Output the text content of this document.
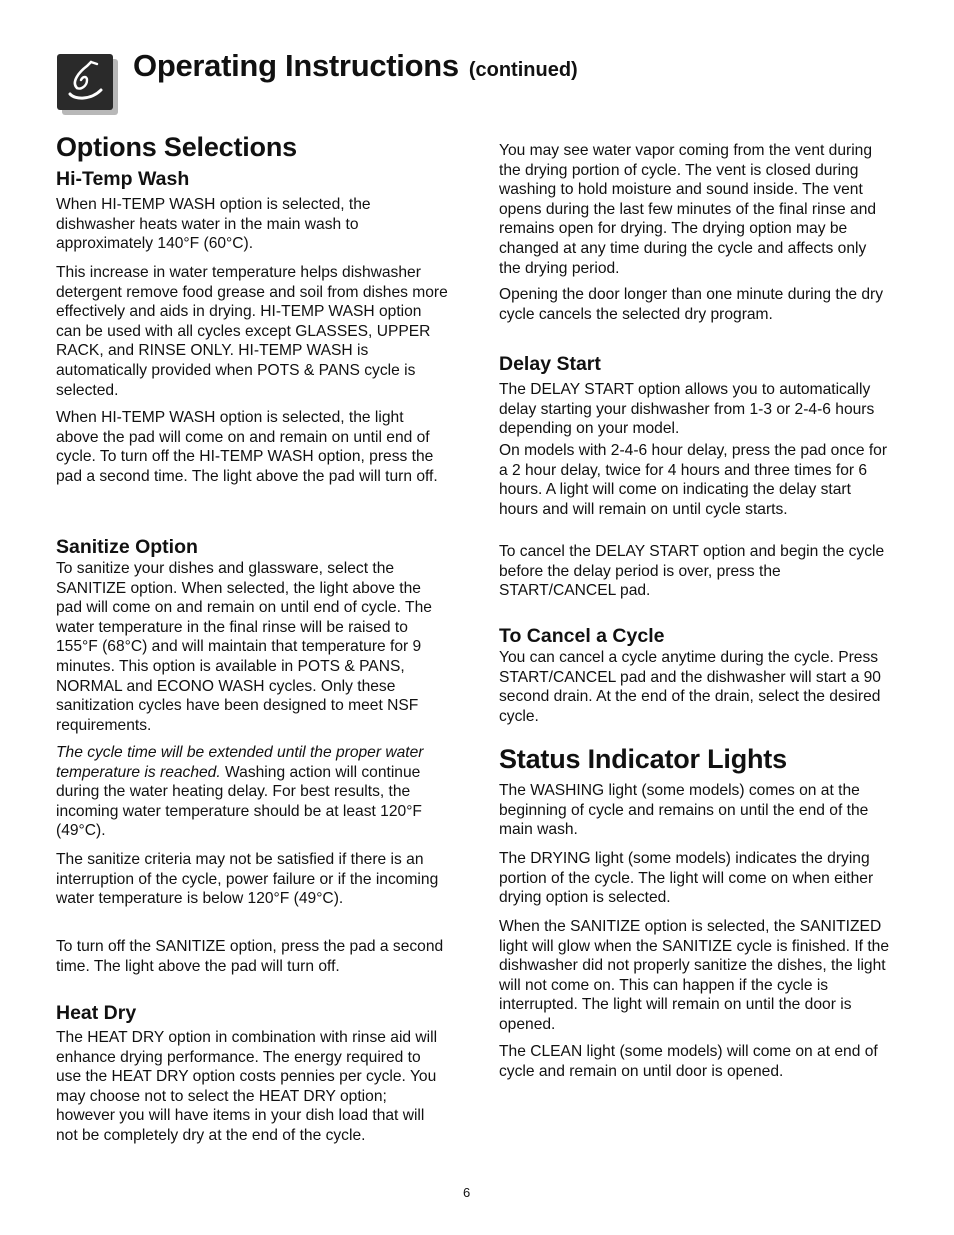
Operating Instructions (continued)
Options Selections
Hi-Temp Wash

When HI-TEMP WASH option is selected, the dishwasher heats water in the main wash to approximately 140°F (60°C).

This increase in water temperature helps dishwasher detergent remove food grease and soil from dishes more effectively and aids in drying. HI-TEMP WASH option can be used with all cycles except GLASSES, UPPER RACK, and RINSE ONLY. HI-TEMP WASH is automatically provided when POTS & PANS cycle is selected.

When HI-TEMP WASH option is selected, the light above the pad will come on and remain on until end of cycle. To turn off the HI-TEMP WASH option, press the pad a second time. The light above the pad will turn off.

Sanitize Option

To sanitize your dishes and glassware, select the SANITIZE option. When selected, the light above the pad will come on and remain on until end of cycle. The water temperature in the final rinse will be raised to 155°F (68°C) and will maintain that temperature for 9 minutes. This option is available in POTS & PANS, NORMAL and ECONO WASH cycles. Only these sanitization cycles have been designed to meet NSF requirements.

The cycle time will be extended until the proper water temperature is reached. Washing action will continue during the water heating delay. For best results, the incoming water temperature should be at least 120°F (49°C).

The sanitize criteria may not be satisfied if there is an interruption of the cycle, power failure or if the incoming water temperature is below 120°F (49°C).

To turn off the SANITIZE option, press the pad a second time. The light above the pad will turn off.

Heat Dry

The HEAT DRY option in combination with rinse aid will enhance drying performance. The energy required to use the HEAT DRY option costs pennies per cycle. You may choose not to select the HEAT DRY option; however you will have items in your dish load that will not be completely dry at the end of the cycle.

You may see water vapor coming from the vent during the drying portion of cycle. The vent is closed during washing to hold moisture and sound inside. The vent opens during the last few minutes of the final rinse and remains open for drying. The drying option may be changed at any time during the cycle and affects only the drying period.

Opening the door longer than one minute during the dry cycle cancels the selected dry program.

Delay Start

The DELAY START option allows you to automatically delay starting your dishwasher from 1-3 or 2-4-6 hours depending on your model.

On models with 2-4-6 hour delay, press the pad once for a 2 hour delay, twice for 4 hours and three times for 6 hours. A light will come on indicating the delay start hours and will remain on until cycle starts.

To cancel the DELAY START option and begin the cycle before the delay period is over, press the START/CANCEL pad.

To Cancel a Cycle

You can cancel a cycle anytime during the cycle. Press START/CANCEL pad and the dishwasher will start a 90 second drain. At the end of the drain, select the desired cycle.

Status Indicator Lights

The WASHING light (some models) comes on at the beginning of cycle and remains on until the end of the main wash.

The DRYING light (some models) indicates the drying portion of the cycle. The light will come on when either drying option is selected.

When the SANITIZE option is selected, the SANITIZED light will glow when the SANITIZE cycle is finished. If the dishwasher did not properly sanitize the dishes, the light will not come on. This can happen if the cycle is interrupted. The light will remain on until the door is opened.

The CLEAN light (some models) will come on at end of cycle and remain on until door is opened.

6
